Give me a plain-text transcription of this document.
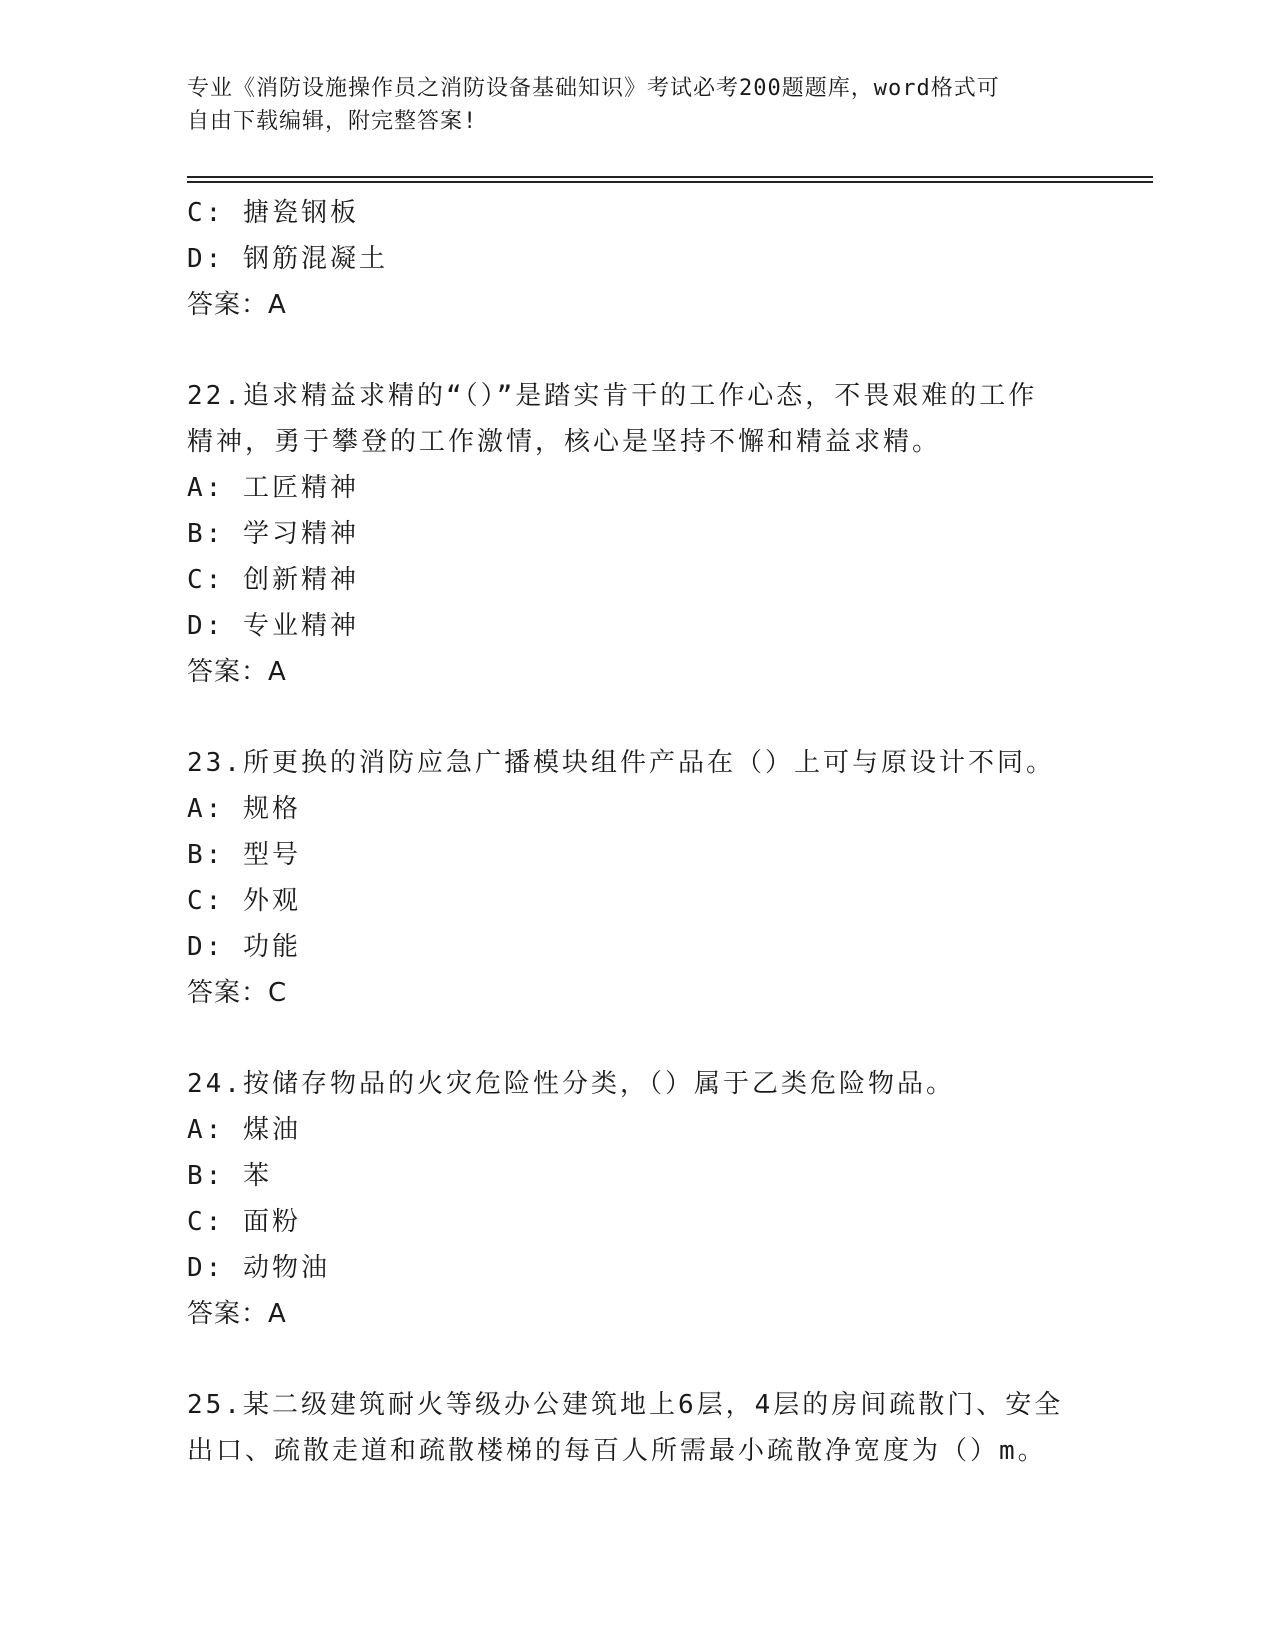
专业《消防设施操作员之消防设备基础知识》考试必考200题题库，word格式可
自由下载编辑，附完整答案!
C: 搪瓷钢板
D: 钢筋混凝土
答案：A
22.追求精益求精的“（）”是踏实肯干的工作心态，不畏艰难的工作
精神，勇于攀登的工作激情，核心是坚持不懈和精益求精。
A: 工匠精神
B: 学习精神
C: 创新精神
D: 专业精神
答案：A
23.所更换的消防应急广播模块组件产品在（）上可与原设计不同。
A: 规格
B: 型号
C: 外观
D: 功能
答案：C
24.按储存物品的火灾危险性分类，（）属于乙类危险物品。
A: 煤油
B: 苯
C: 面粉
D: 动物油
答案：A
25.某二级建筑耐火等级办公建筑地上6层，4层的房间疏散门、安全
出口、疏散走道和疏散楼梯的每百人所需最小疏散净宽度为（）m。
